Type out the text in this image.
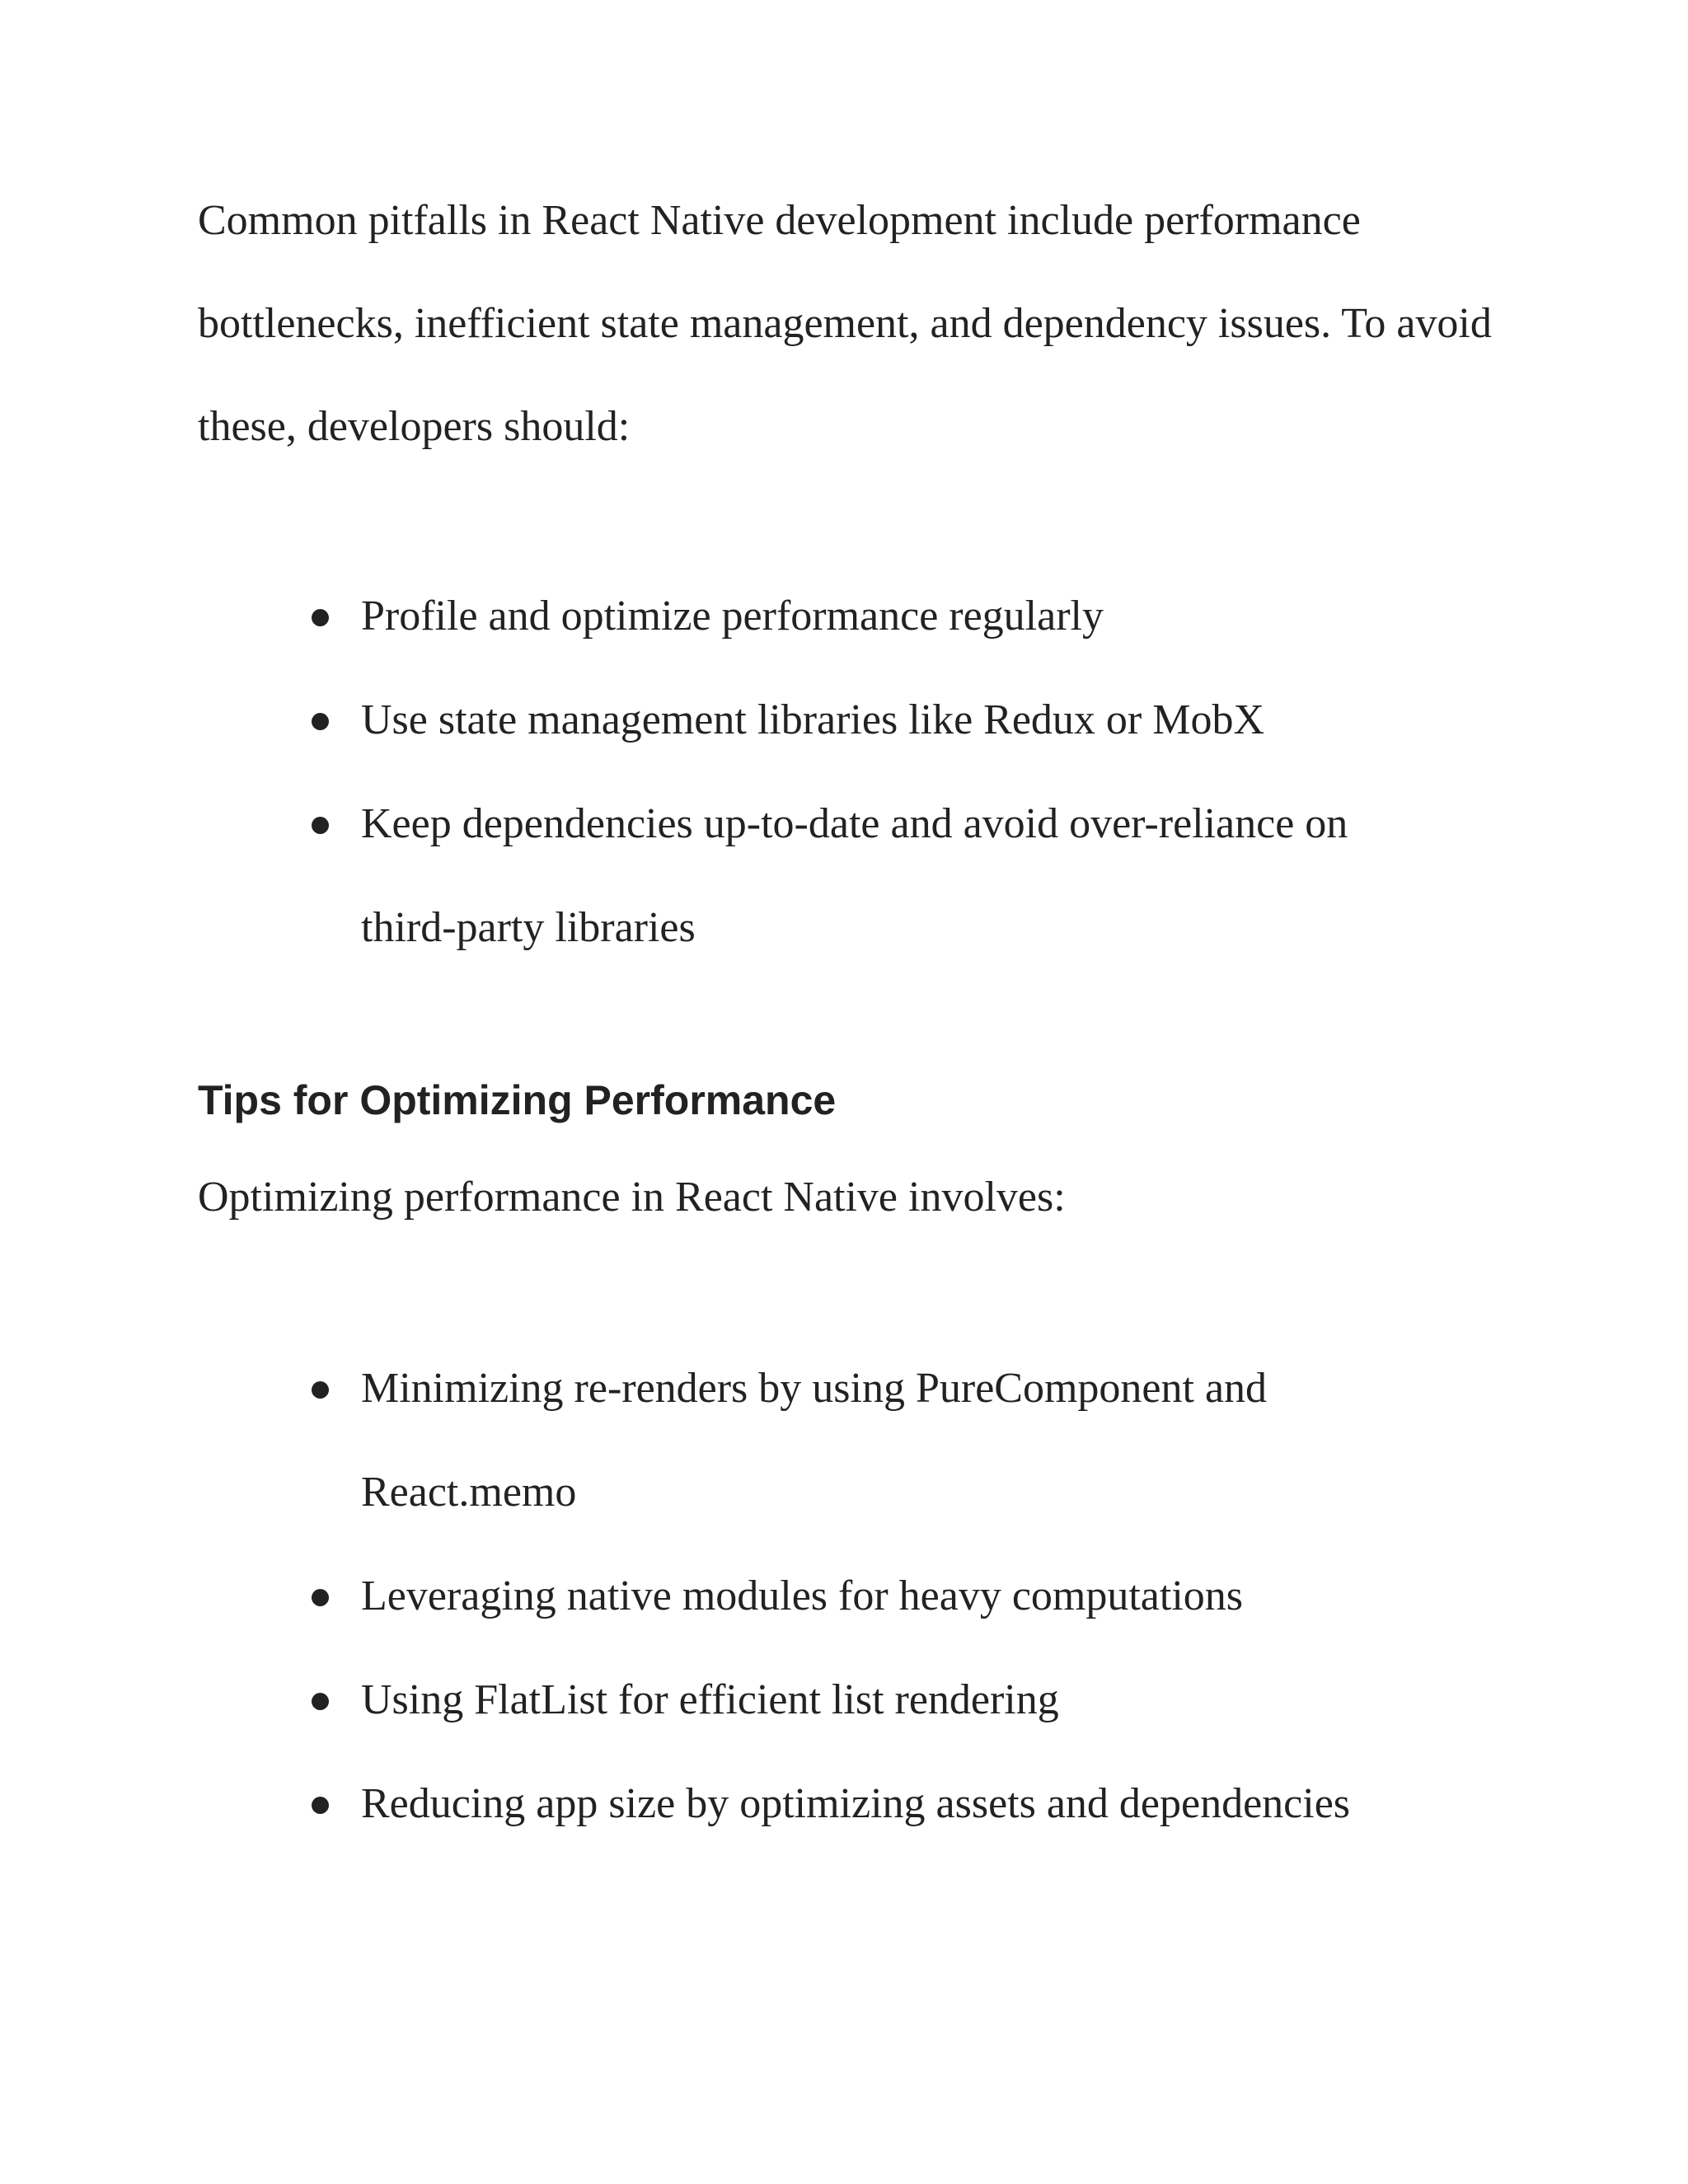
Common pitfalls in React Native development include performance bottlenecks, inefficient state management, and dependency issues. To avoid these, developers should:

Profile and optimize performance regularly
Use state management libraries like Redux or MobX
Keep dependencies up-to-date and avoid over-reliance on third-party libraries
Tips for Optimizing Performance

Optimizing performance in React Native involves:

Minimizing re-renders by using PureComponent and React.memo
Leveraging native modules for heavy computations
Using FlatList for efficient list rendering
Reducing app size by optimizing assets and dependencies
